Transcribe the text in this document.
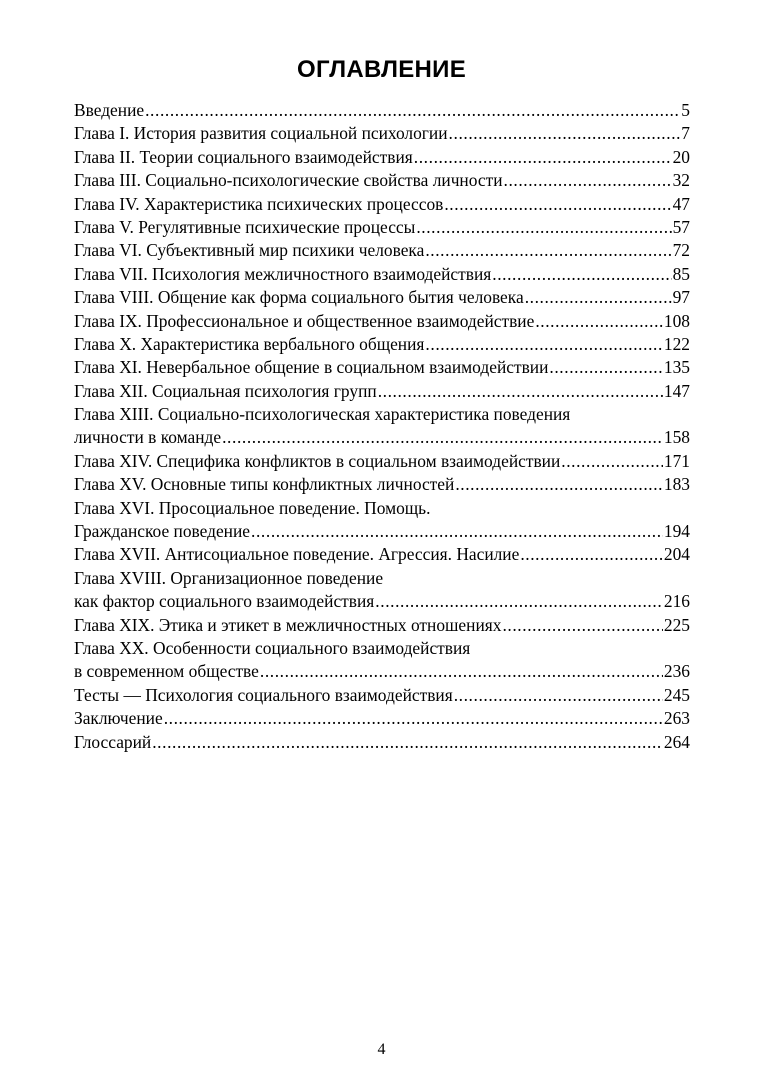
ОГЛАВЛЕНИЕ
Введение .....	5
Глава I. История развития социальной психологии .....	7
Глава II. Теории социального взаимодействия .....	20
Глава III. Социально-психологические свойства личности .....	32
Глава IV. Характеристика психических процессов .....	47
Глава V. Регулятивные психические процессы .....	57
Глава VI. Субъективный мир психики человека .....	72
Глава VII. Психология межличностного взаимодействия .....	85
Глава VIII. Общение как форма социального бытия человека .....	97
Глава IX. Профессиональное и общественное взаимодействие .....	108
Глава X. Характеристика вербального общения .....	122
Глава XI. Невербальное общение в социальном взаимодействии .....	135
Глава XII. Социальная психология групп .....	147
Глава XIII. Социально-психологическая характеристика поведения
личности в команде .....	158
Глава XIV. Специфика конфликтов в социальном взаимодействии .....	171
Глава XV. Основные типы конфликтных личностей .....	183
Глава XVI. Просоциальное поведение. Помощь.
Гражданское поведение .....	194
Глава XVII. Антисоциальное поведение. Агрессия. Насилие .....	204
Глава XVIII. Организационное поведение
как фактор социального взаимодействия .....	216
Глава XIX. Этика и этикет в межличностных отношениях .....	225
Глава XX. Особенности социального взаимодействия
в современном обществе .....	236
Тесты — Психология социального взаимодействия .....	245
Заключение .....	263
Глоссарий .....	264
4
